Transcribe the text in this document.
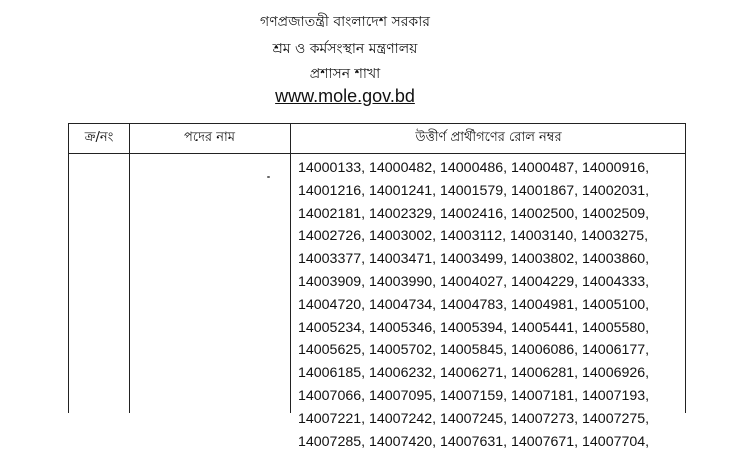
গণপ্রজাতন্ত্রী বাংলাদেশ সরকার
শ্রম ও কর্মসংস্থান মন্ত্রণালয়
প্রশাসন শাখা
www.mole.gov.bd
ক্র/নং	পদের নাম	উত্তীর্ণ প্রার্থীগণের রোল নম্বর
14000133, 14000482, 14000486, 14000487, 14000916,
14001216, 14001241, 14001579, 14001867, 14002031,
14002181, 14002329, 14002416, 14002500, 14002509,
14002726, 14003002, 14003112, 14003140, 14003275,
14003377, 14003471, 14003499, 14003802, 14003860,
14003909, 14003990, 14004027, 14004229, 14004333,
14004720, 14004734, 14004783, 14004981, 14005100,
14005234, 14005346, 14005394, 14005441, 14005580,
14005625, 14005702, 14005845, 14006086, 14006177,
14006185, 14006232, 14006271, 14006281, 14006926,
14007066, 14007095, 14007159, 14007181, 14007193,
14007221, 14007242, 14007245, 14007273, 14007275,
14007285, 14007420, 14007631, 14007671, 14007704,
